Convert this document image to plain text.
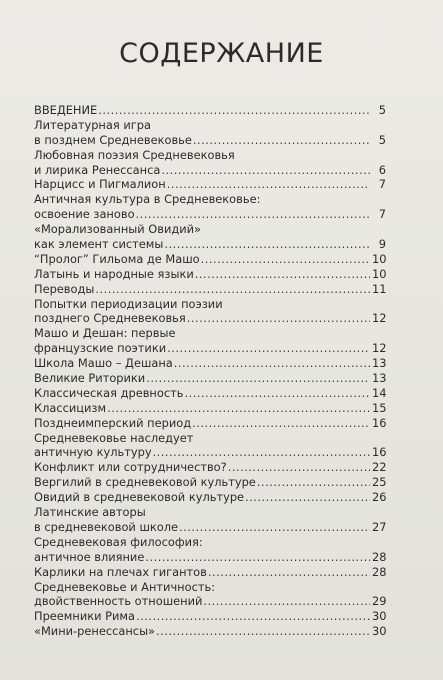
СОДЕРЖАНИЕ
ВВЕДЕНИЕ .....	5
Литературная игра
в позднем Средневековье .....	5
Любовная поэзия Средневековья
и лирика Ренессанса .....	6
Нарцисс и Пигмалион .....	7
Античная культура в Средневековье:
освоение заново .....	7
«Морализованный Овидий»
как элемент системы .....	9
“Пролог” Гильома де Машо .....	10
Латынь и народные языки .....	10
Переводы .....	11
Попытки периодизации поэзии
позднего Средневековья .....	12
Машо и Дешан: первые
французские поэтики .....	12
Школа Машо – Дешана .....	13
Великие Риторики .....	13
Классическая древность .....	14
Классицизм .....	15
Позднеимперский период .....	16
Средневековье наследует
античную культуру .....	16
Конфликт или сотрудничество? .....	22
Вергилий в средневековой культуре .....	25
Овидий в средневековой культуре .....	26
Латинские авторы
в средневековой школе .....	27
Средневековая философия:
античное влияние .....	28
Карлики на плечах гигантов .....	28
Средневековье и Античность:
двойственность отношений .....	29
Преемники Рима .....	30
«Мини-ренессансы» .....	30
